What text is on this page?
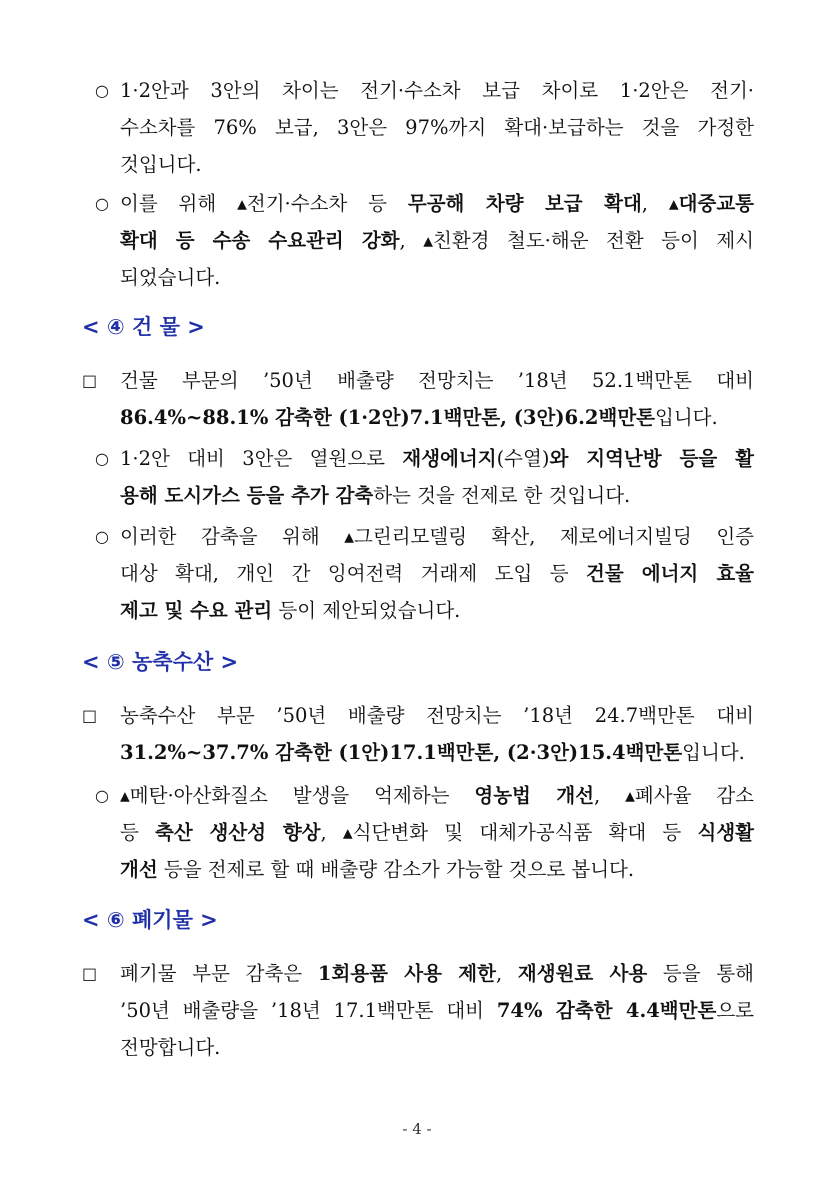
○ 1·2안과 3안의 차이는 전기·수소차 보급 차이로 1·2안은 전기·
수소차를 76% 보급, 3안은 97%까지 확대·보급하는 것을 가정한
것입니다.
○ 이를 위해 ▴전기·수소차 등 무공해 차량 보급 확대, ▴대중교통
확대 등 수송 수요관리 강화, ▴친환경 철도·해운 전환 등이 제시
되었습니다.
< ④ 건 물 >
□ 건물 부문의 ’50년 배출량 전망치는 ’18년 52.1백만톤 대비
86.4%~88.1% 감축한 (1·2안)7.1백만톤, (3안)6.2백만톤입니다.
○ 1·2안 대비 3안은 열원으로 재생에너지(수열)와 지역난방 등을 활
용해 도시가스 등을 추가 감축하는 것을 전제로 한 것입니다.
○ 이러한 감축을 위해 ▴그린리모델링 확산, 제로에너지빌딩 인증
대상 확대, 개인 간 잉여전력 거래제 도입 등 건물 에너지 효율
제고 및 수요 관리 등이 제안되었습니다.
< ⑤ 농축수산 >
□ 농축수산 부문 ’50년 배출량 전망치는 ’18년 24.7백만톤 대비
31.2%~37.7% 감축한 (1안)17.1백만톤, (2·3안)15.4백만톤입니다.
○ ▴메탄·아산화질소 발생을 억제하는 영농법 개선, ▴폐사율 감소
등 축산 생산성 향상, ▴식단변화 및 대체가공식품 확대 등 식생활
개선 등을 전제로 할 때 배출량 감소가 가능할 것으로 봅니다.
< ⑥ 폐기물 >
□ 폐기물 부문 감축은 1회용품 사용 제한, 재생원료 사용 등을 통해
’50년 배출량을 ’18년 17.1백만톤 대비 74% 감축한 4.4백만톤으로
전망합니다.
- 4 -
